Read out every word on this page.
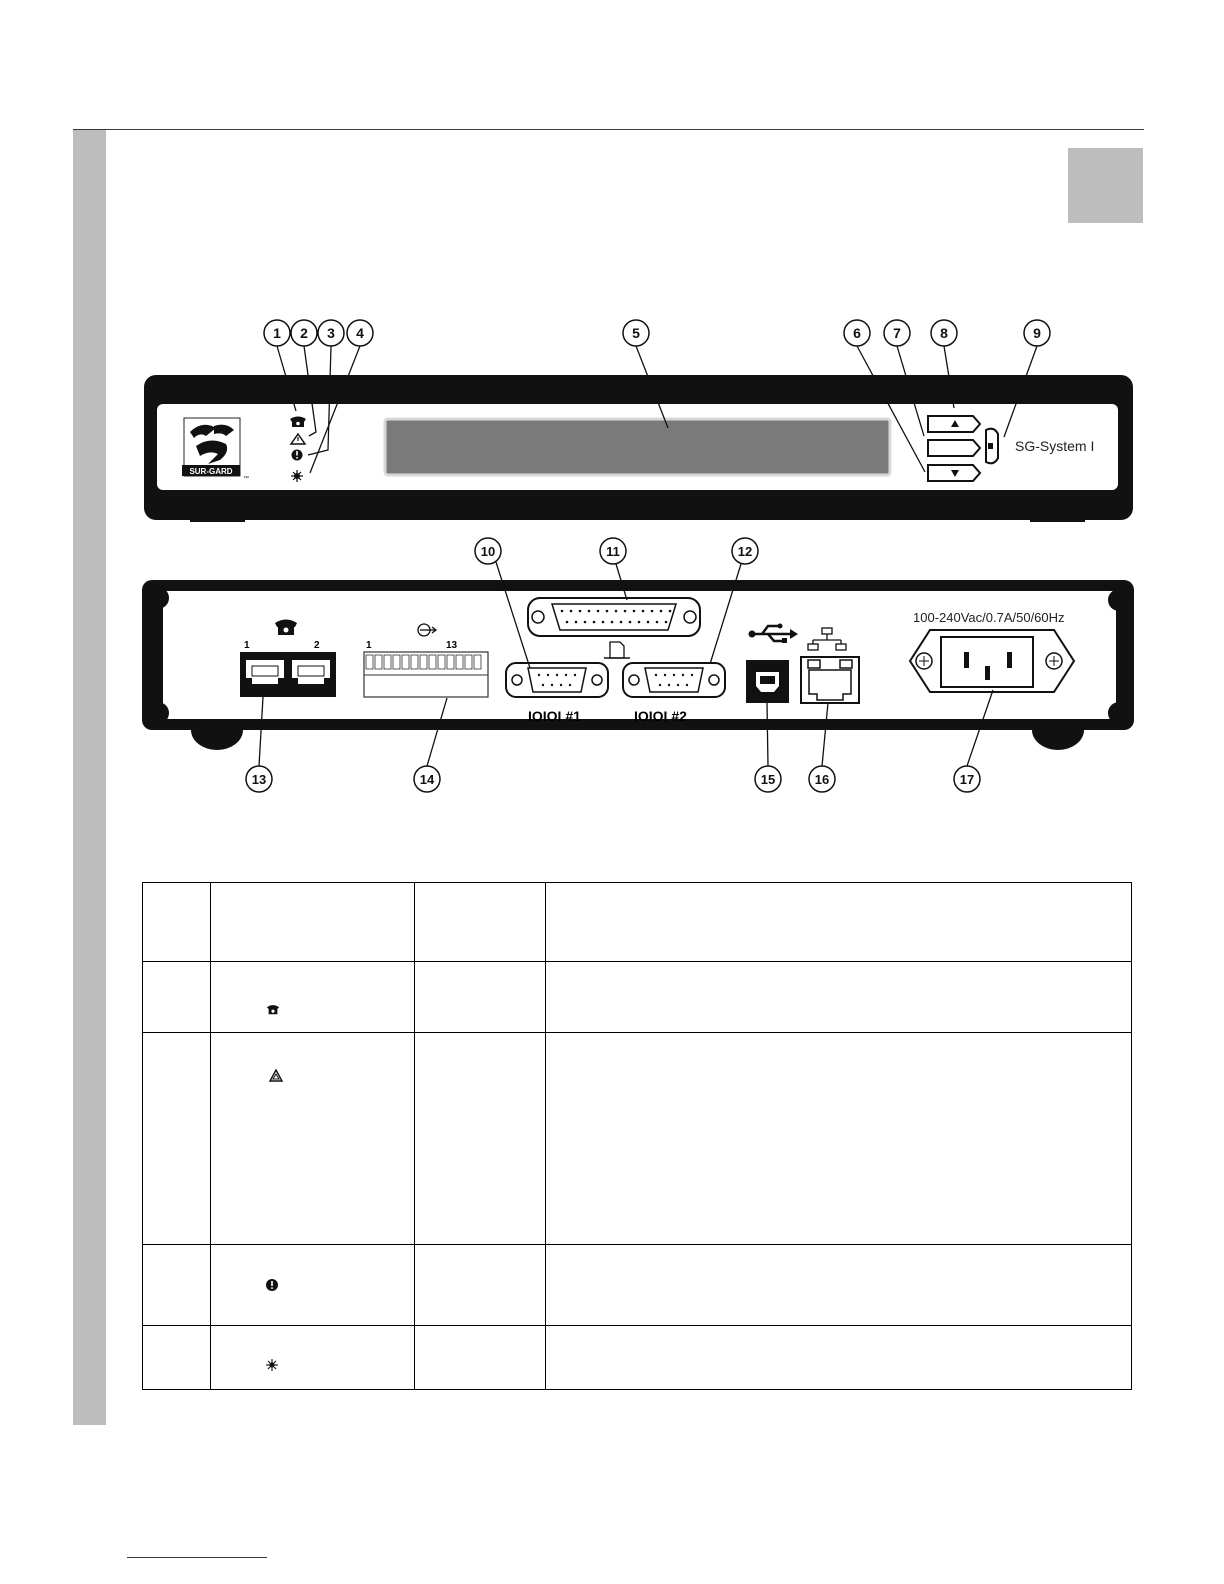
SUR-GARD
™
SG-System I
1 2 3 4	5	6 7	8	9
1	2	1	13
IOIOI #1	IOIOI #2
100-240Vac/0.7A/50/60Hz
10	11	12
13	14	15	16	17
